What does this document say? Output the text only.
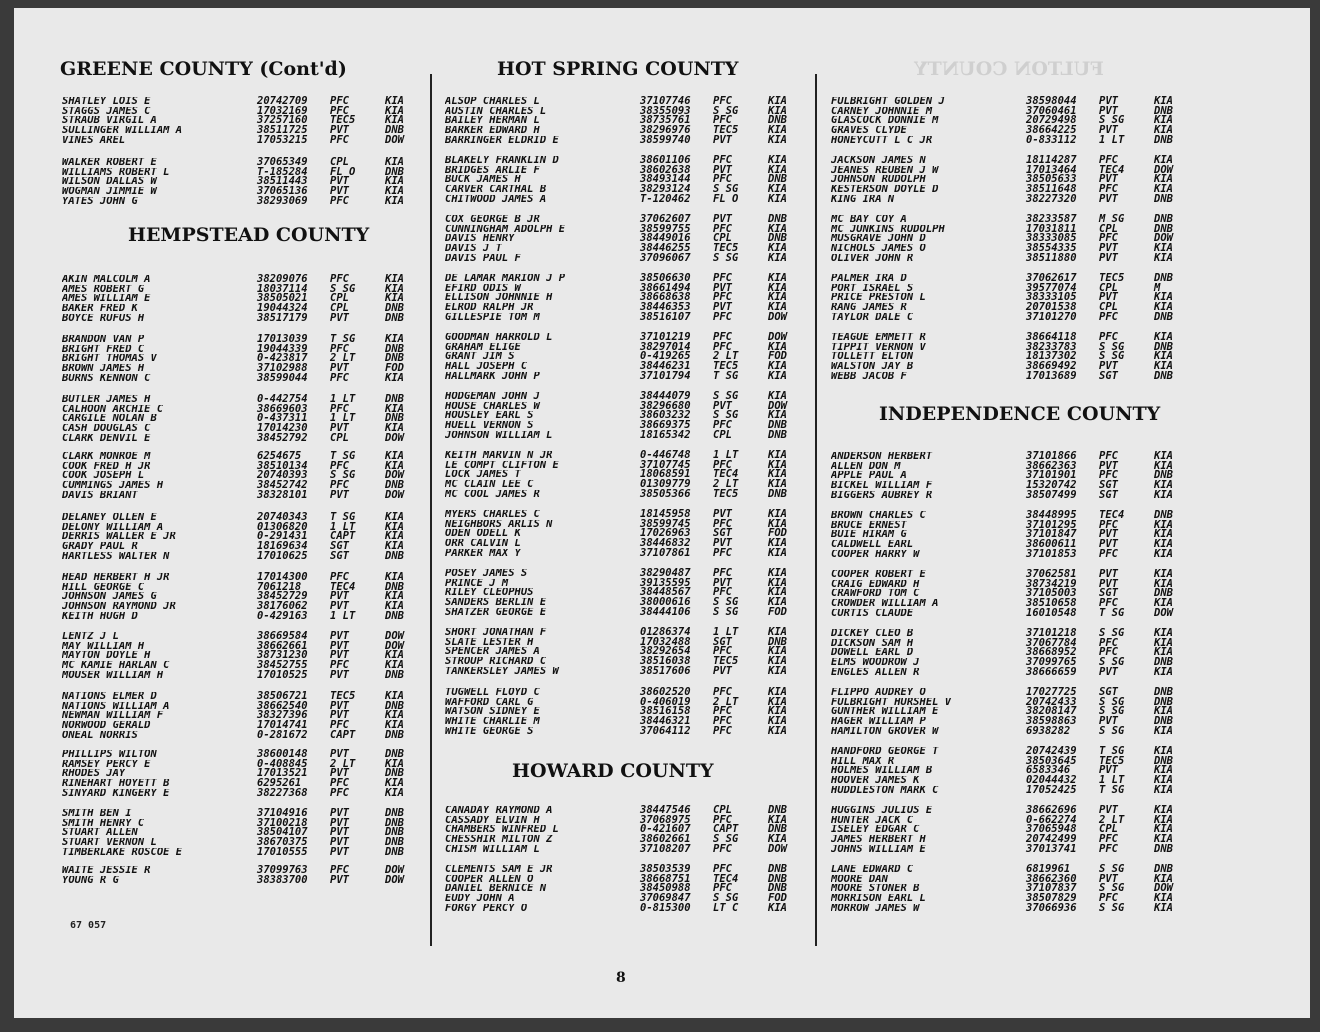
FULTON COUNTY
GREENE COUNTY (Cont'd)
SHATLEY LOIS E	20742709 PFC	KIA
STAGGS JAMES C	17032169 PFC	KIA
STRAUB VIRGIL A	37257160 TEC5	KIA
SULLINGER WILLIAM A	38511725 PVT	DNB
VINES AREL	17053215 PFC	DOW
WALKER ROBERT E	37065349 CPL	KIA
WILLIAMS ROBERT L	T-185284 FL O	DNB
WILSON DALLAS W	38511443 PVT	KIA
WOGMAN JIMMIE W	37065136 PVT	KIA
YATES JOHN G	38293069 PFC	KIA
HEMPSTEAD COUNTY
AKIN MALCOLM A	38209076 PFC	KIA
AMES ROBERT G	18037114 S SG	KIA
AMES WILLIAM E	38505021 CPL	KIA
BAKER FRED K	19044324 CPL	DNB
BOYCE RUFUS H	38517179 PVT	DNB
BRANDON VAN P	17013039 T SG	KIA
BRIGHT FRED C	19044339 PFC	DNB
BRIGHT THOMAS V	0-423817 2 LT	DNB
BROWN JAMES H	37102988 PVT	FOD
BURNS KENNON C	38599044 PFC	KIA
BUTLER JAMES H	0-442754 1 LT	DNB
CALHOON ARCHIE C	38669603 PFC	KIA
CARGILE NOLAN B	0-437311 1 LT	DNB
CASH DOUGLAS C	17014230 PVT	KIA
CLARK DENVIL E	38452792 CPL	DOW
CLARK MONROE M	6254675	T SG	KIA
COOK FRED H JR	38510134 PFC	KIA
COOK JOSEPH L	20740393 S SG	DOW
CUMMINGS JAMES H	38452742 PFC	DNB
DAVIS BRIANT	38328101 PVT	DOW
DELANEY OLLEN E	20740343 T SG	KIA
DELONY WILLIAM A	01306820 1 LT	KIA
DERRIS WALLER E JR	0-291431 CAPT	KIA
GRADY PAUL R	18169634 SGT	KIA
HARTLESS WALTER N	17010625 SGT	DNB
HEAD HERBERT H JR	17014300 PFC	KIA
HILL GEORGE C	7061218	TEC4	DNB
JOHNSON JAMES G	38452729 PVT	KIA
JOHNSON RAYMOND JR	38176062 PVT	KIA
KEITH HUGH D	0-429163 1 LT	DNB
LENTZ J L	38669584 PVT	DOW
MAY WILLIAM H	38662661 PVT	DOW
MAYTON DOYLE H	38731230 PVT	KIA
MC KAMIE HARLAN C	38452755 PFC	KIA
MOUSER WILLIAM H	17010525 PVT	DNB
NATIONS ELMER D	38506721 TEC5	KIA
NATIONS WILLIAM A	38662540 PVT	DNB
NEWMAN WILLIAM F	38327396 PVT	KIA
NORWOOD GERALD	17014741 PFC	KIA
ONEAL NORRIS	0-281672 CAPT	DNB
PHILLIPS WILTON	38600148 PVT	DNB
RAMSEY PERCY E	0-408845 2 LT	KIA
RHODES JAY	17013521 PVT	DNB
RINEHART HOYETT B	6295261	PFC	KIA
SINYARD KINGERY E	38227368 PFC	KIA
SMITH BEN I	37104916 PVT	DNB
SMITH HENRY C	37100218 PVT	DNB
STUART ALLEN	38504107 PVT	DNB
STUART VERNON L	38670375 PVT	DNB
TIMBERLAKE ROSCOE E	17010555 PVT	DNB
WAITE JESSIE R	37099763 PFC	DOW
YOUNG R G	38383700 PVT	DOW
HOT SPRING COUNTY
ALSOP CHARLES L	37107746 PFC	KIA
AUSTIN CHARLES L	38355093 S SG	KIA
BAILEY HERMAN L	38735761 PFC	DNB
BARKER EDWARD H	38296976 TEC5	KIA
BARRINGER ELDRID E	38599740 PVT	KIA
BLAKELY FRANKLIN D	38601106 PFC	KIA
BRIDGES ARLIE F	38602638 PVT	KIA
BUCK JAMES H	38493144 PFC	DNB
CARVER CARTHAL B	38293124 S SG	KIA
CHITWOOD JAMES A	T-120462 FL O	KIA
COX GEORGE B JR	37062607 PVT	DNB
CUNNINGHAM ADOLPH E	38599755 PFC	KIA
DAVIS HENRY	38449016 CPL	DNB
DAVIS J T	38446255 TEC5	KIA
DAVIS PAUL F	37096067 S SG	KIA
DE LAMAR MARION J P	38506630 PFC	KIA
EFIRD ODIS W	38661494 PVT	KIA
ELLISON JOHNNIE H	38668638 PFC	KIA
ELROD RALPH JR	38446353 PVT	KIA
GILLESPIE TOM M	38516107 PFC	DOW
GOODMAN HARROLD L	37101219 PFC	DOW
GRAHAM ELIGE	38297014 PFC	KIA
GRANT JIM S	0-419265 2 LT	FOD
HALL JOSEPH C	38446231 TEC5	KIA
HALLMARK JOHN P	37101794 T SG	KIA
HODGEMAN JOHN J	38444079 S SG	KIA
HOUSE CHARLES W	38296680 PVT	DOW
HOUSLEY EARL S	38603232 S SG	KIA
HUELL VERNON S	38669375 PFC	DNB
JOHNSON WILLIAM L	18165342 CPL	DNB
KEITH MARVIN N JR	0-446748 1 LT	KIA
LE COMPT CLIFTON E	37107745 PFC	KIA
LOCK JAMES T	18068591 TEC4	KIA
MC CLAIN LEE C	01309779 2 LT	KIA
MC COOL JAMES R	38505366 TEC5	DNB
MYERS CHARLES C	18145958 PVT	KIA
NEIGHBORS ARLIS N	38599745 PFC	KIA
ODEN ODELL K	17026963 SGT	FOD
ORR CALVIN L	38446832 PVT	KIA
PARKER MAX Y	37107861 PFC	KIA
POSEY JAMES S	38290487 PFC	KIA
PRINCE J M	39135595 PVT	KIA
RILEY CLEOPHUS	38448567 PFC	KIA
SANDERS BERLIN E	38000616 S SG	KIA
SHATZER GEORGE E	38444106 S SG	FOD
SHORT JONATHAN F	01286374 1 LT	KIA
SLATE LESTER H	17032488 SGT	DNB
SPENCER JAMES A	38292654 PFC	KIA
STROUP RICHARD C	38516038 TEC5	KIA
TANKERSLEY JAMES W	38517606 PVT	KIA
TUGWELL FLOYD C	38602520 PFC	KIA
WAFFORD CARL G	0-406019 2 LT	KIA
WATSON SIDNEY E	38516158 PFC	KIA
WHITE CHARLIE M	38446321 PFC	KIA
WHITE GEORGE S	37064112 PFC	KIA
HOWARD COUNTY
CANADAY RAYMOND A	38447546 CPL	DNB
CASSADY ELVIN H	37068975 PFC	KIA
CHAMBERS WINFRED L	0-421607 CAPT	DNB
CHESSHIR MILTON Z	38602661 S SG	KIA
CHISM WILLIAM L	37108207 PFC	DOW
CLEMENTS SAM E JR	38503539 PFC	DNB
COOPER ALLEN O	38668751 TEC4	DNB
DANIEL BERNICE N	38450988 PFC	DNB
EUDY JOHN A	37069847 S SG	FOD
FORGY PERCY O	0-815300 LT C	KIA
FULBRIGHT GOLDEN J	38598044 PVT	KIA
CARNEY JOHNNIE M	37060461 PVT	DNB
GLASCOCK DONNIE M	20729498 S SG	KIA
GRAVES CLYDE	38664225 PVT	KIA
HONEYCUTT L C JR	0-833112 1 LT	DNB
JACKSON JAMES N	18114287 PFC	KIA
JEANES REUBEN J W	17013464 TEC4	DOW
JOHNSON RUDOLPH	38505633 PVT	KIA
KESTERSON DOYLE D	38511648 PFC	KIA
KING IRA N	38227320 PVT	DNB
MC BAY COY A	38233587 M SG	DNB
MC JUNKINS RUDOLPH	17031811 CPL	DNB
MUSGRAVE JOHN D	38333085 PFC	DOW
NICHOLS JAMES O	38554335 PVT	KIA
OLIVER JOHN R	38511880 PVT	KIA
PALMER IRA D	37062617 TEC5	DNB
PORT ISRAEL S	39577074 CPL	M
PRICE PRESTON L	38333105 PVT	KIA
RANG JAMES R	20701538 CPL	KIA
TAYLOR DALE C	37101270 PFC	DNB
TEAGUE EMMETT R	38664118 PFC	KIA
TIPPIT VERNON V	38233783 S SG	DNB
TOLLETT ELTON	18137302 S SG	KIA
WALSTON JAY B	38669492 PVT	KIA
WEBB JACOB F	17013689 SGT	DNB
INDEPENDENCE COUNTY
ANDERSON HERBERT	37101866 PFC	KIA
ALLEN DON M	38662363 PVT	KIA
APPLE PAUL A	37101901 PFC	DNB
BICKEL WILLIAM F	15320742 SGT	KIA
BIGGERS AUBREY R	38507499 SGT	KIA
BROWN CHARLES C	38448995 TEC4	DNB
BRUCE ERNEST	37101295 PFC	KIA
BUIE HIRAM G	37101847 PVT	KIA
CALDWELL EARL	38600611 PVT	KIA
COOPER HARRY W	37101853 PFC	KIA
COOPER ROBERT E	37062581 PVT	KIA
CRAIG EDWARD H	38734219 PVT	KIA
CRAWFORD TOM C	37105003 SGT	DNB
CROWDER WILLIAM A	38510658 PFC	KIA
CURTIS CLAUDE	16010548 T SG	DOW
DICKEY CLEO B	37101218 S SG	KIA
DICKSON SAM H	37067784 PFC	KIA
DOWELL EARL D	38668952 PFC	KIA
ELMS WOODROW J	37099765 S SG	DNB
ENGLES ALLEN R	38666659 PVT	KIA
FLIPPO AUDREY O	17027725 SGT	DNB
FULBRIGHT HURSHEL V	20742433 S SG	DNB
GUNTHER WILLIAM E	38208147 S SG	KIA
HAGER WILLIAM P	38598863 PVT	DNB
HAMILTON GROVER W	6938282	S SG	KIA
HANDFORD GEORGE T	20742439 T SG	KIA
HILL MAX R	38503645 TEC5	DNB
HOLMES WILLIAM B	6583346	PVT	KIA
HOOVER JAMES K	02044432 1 LT	KIA
HUDDLESTON MARK C	17052425 T SG	KIA
HUGGINS JULIUS E	38662696 PVT	KIA
HUNTER JACK C	0-662274 2 LT	KIA
ISELEY EDGAR C	37065948 CPL	KIA
JAMES HERBERT H	20742499 PFC	KIA
JOHNS WILLIAM E	37013741 PFC	DNB
LANE EDWARD C	6819961	S SG	DNB
MOORE DAN	38662360 PVT	KIA
MOORE STONER B	37107837 S SG	DOW
MORRISON EARL L	38507829 PFC	KIA
MORROW JAMES W	37066936 S SG	KIA
67 057
8
